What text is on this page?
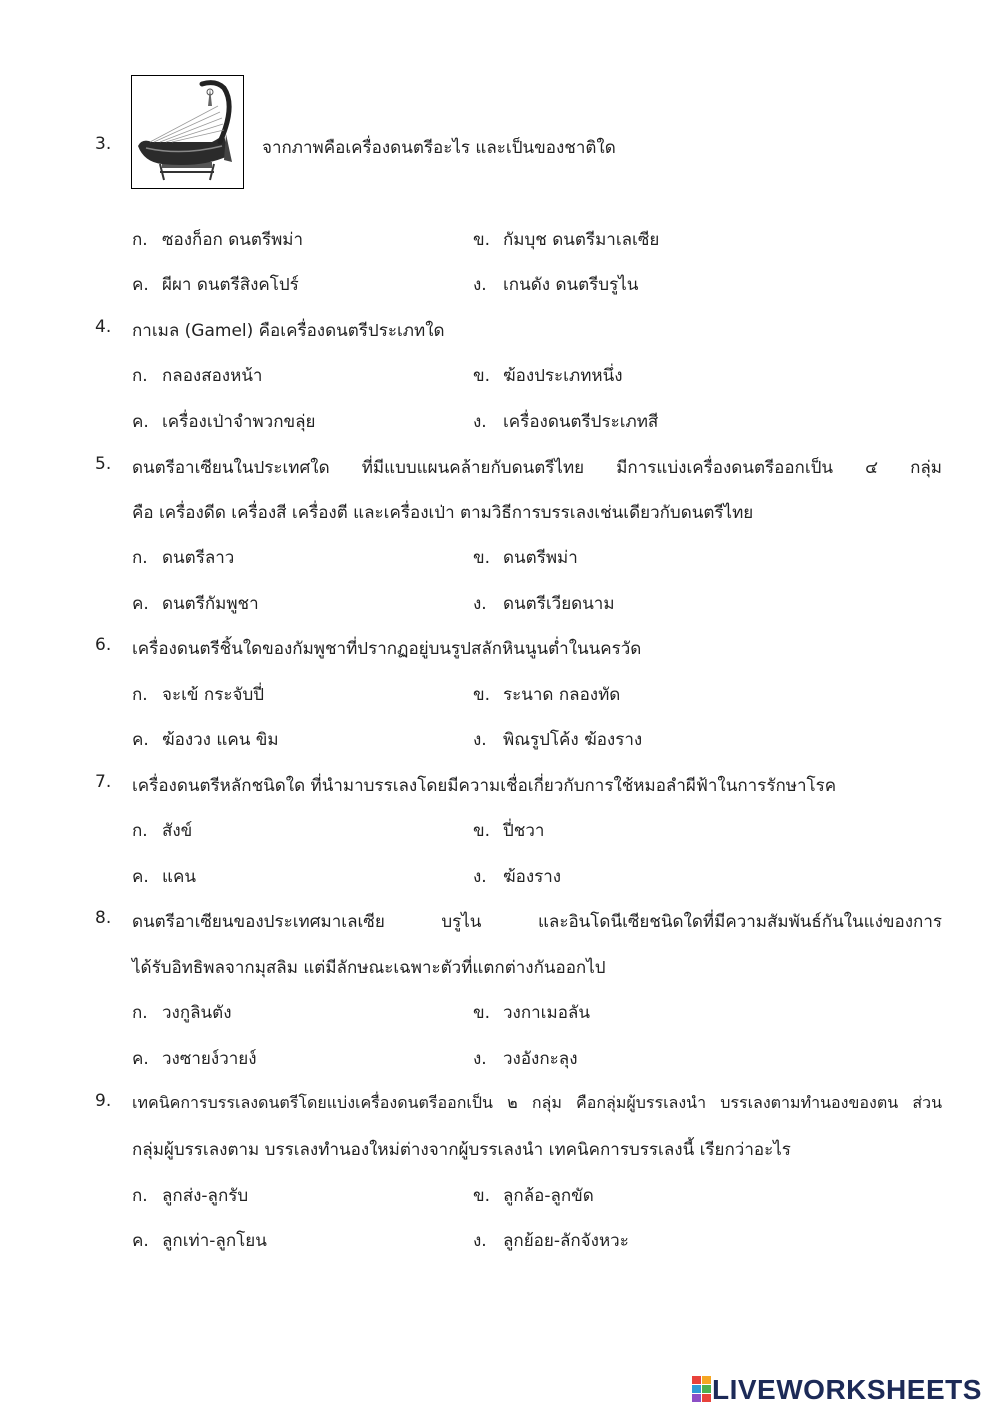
3.	จากภาพคือเครื่องดนตรีอะไร และเป็นของชาติใด
ก. ซองก็อก ดนตรีพม่า	ข. กัมบุช ดนตรีมาเลเซีย
ค. ผีผา ดนตรีสิงคโปร์	ง. เกนดัง ดนตรีบรูไน
4. กาเมล (Gamel) คือเครื่องดนตรีประเภทใด
ก. กลองสองหน้า	ข. ฆ้องประเภทหนึ่ง
ค. เครื่องเป่าจำพวกขลุ่ย	ง. เครื่องดนตรีประเภทสี
5. ดนตรีอาเซียนในประเทศใด ที่มีแบบแผนคล้ายกับดนตรีไทย มีการแบ่งเครื่องดนตรีออกเป็น ๔ กลุ่ม
คือ เครื่องดีด เครื่องสี เครื่องตี และเครื่องเป่า ตามวิธีการบรรเลงเช่นเดียวกับดนตรีไทย
ก. ดนตรีลาว	ข. ดนตรีพม่า
ค. ดนตรีกัมพูชา	ง. ดนตรีเวียดนาม
6. เครื่องดนตรีชิ้นใดของกัมพูชาที่ปรากฏอยู่บนรูปสลักหินนูนต่ำในนครวัด
ก. จะเข้ กระจับปี่	ข. ระนาด กลองทัด
ค. ฆ้องวง แคน ขิม	ง. พิณรูปโค้ง ฆ้องราง
7. เครื่องดนตรีหลักชนิดใด ที่นำมาบรรเลงโดยมีความเชื่อเกี่ยวกับการใช้หมอลำผีฟ้าในการรักษาโรค
ก. สังข์	ข. ปี่ชวา
ค. แคน	ง. ฆ้องราง
8. ดนตรีอาเซียนของประเทศมาเลเซีย บรูไน และอินโดนีเซียชนิดใดที่มีความสัมพันธ์กันในแง่ของการ
ได้รับอิทธิพลจากมุสลิม แต่มีลักษณะเฉพาะตัวที่แตกต่างกันออกไป
ก. วงกูลินตัง	ข. วงกาเมอลัน
ค. วงซายง์วายง์	ง. วงอังกะลุง
9. เทคนิคการบรรเลงดนตรีโดยแบ่งเครื่องดนตรีออกเป็น ๒ กลุ่ม คือกลุ่มผู้บรรเลงนำ บรรเลงตามทำนองของตน ส่วน
กลุ่มผู้บรรเลงตาม บรรเลงทำนองใหม่ต่างจากผู้บรรเลงนำ เทคนิคการบรรเลงนี้ เรียกว่าอะไร
ก. ลูกส่ง-ลูกรับ	ข. ลูกล้อ-ลูกขัด
ค. ลูกเท่า-ลูกโยน	ง. ลูกย้อย-ลักจังหวะ
LIVEWORKSHEETS
